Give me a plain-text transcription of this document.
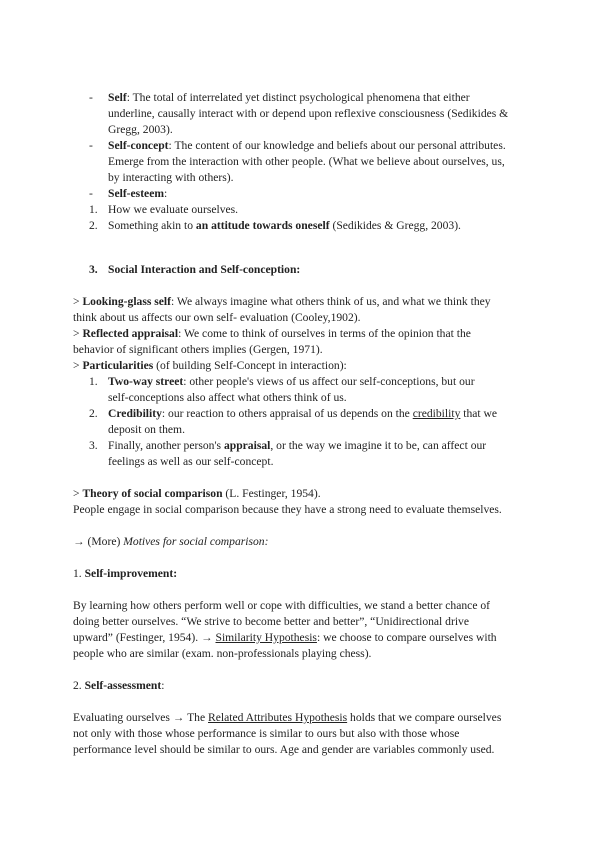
- Self: The total of interrelated yet distinct psychological phenomena that either
underline, causally interact with or depend upon reflexive consciousness (Sedikides &
Gregg, 2003).
- Self-concept: The content of our knowledge and beliefs about our personal attributes.
Emerge from the interaction with other people. (What we believe about ourselves, us,
by interacting with others).
- Self-esteem:
1. How we evaluate ourselves.
2. Something akin to an attitude towards oneself (Sedikides & Gregg, 2003).
3. Social Interaction and Self-conception:
> Looking-glass self: We always imagine what others think of us, and what we think they
think about us affects our own self- evaluation (Cooley,1902).
> Reflected appraisal: We come to think of ourselves in terms of the opinion that the
behavior of significant others implies (Gergen, 1971).
> Particularities (of building Self-Concept in interaction):
1. Two-way street: other people's views of us affect our self-conceptions, but our
self-conceptions also affect what others think of us.
2. Credibility: our reaction to others appraisal of us depends on the credibility that we
deposit on them.
3. Finally, another person's appraisal, or the way we imagine it to be, can affect our
feelings as well as our self-concept.
> Theory of social comparison (L. Festinger, 1954).
People engage in social comparison because they have a strong need to evaluate themselves.
→ (More) Motives for social comparison:
1. Self-improvement:
By learning how others perform well or cope with difficulties, we stand a better chance of
doing better ourselves. “We strive to become better and better”, “Unidirectional drive
upward” (Festinger, 1954). → Similarity Hypothesis: we choose to compare ourselves with
people who are similar (exam. non-professionals playing chess).
2. Self-assessment:
Evaluating ourselves → The Related Attributes Hypothesis holds that we compare ourselves
not only with those whose performance is similar to ours but also with those whose
performance level should be similar to ours. Age and gender are variables commonly used.
